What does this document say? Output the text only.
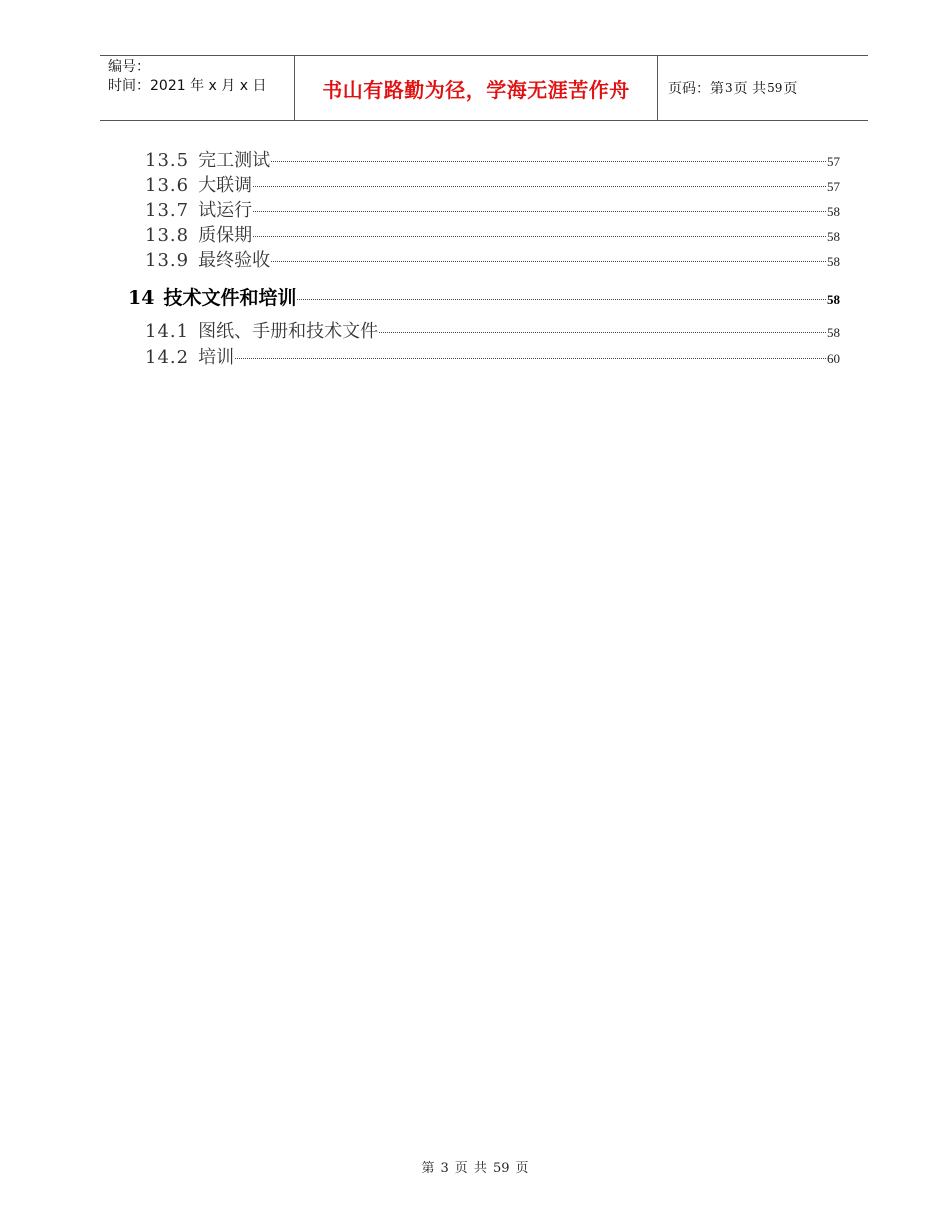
编号：
时间：2021 年 x 月 x 日	书山有路勤为径，学海无涯苦作舟	页码：第 3 页 共 59 页
13.5 完工测试	57
13.6 大联调	57
13.7 试运行	58
13.8 质保期	58
13.9 最终验收	58
14 技术文件和培训	58
14.1 图纸、手册和技术文件	58
14.2 培训	60
第 3 页 共 59 页
